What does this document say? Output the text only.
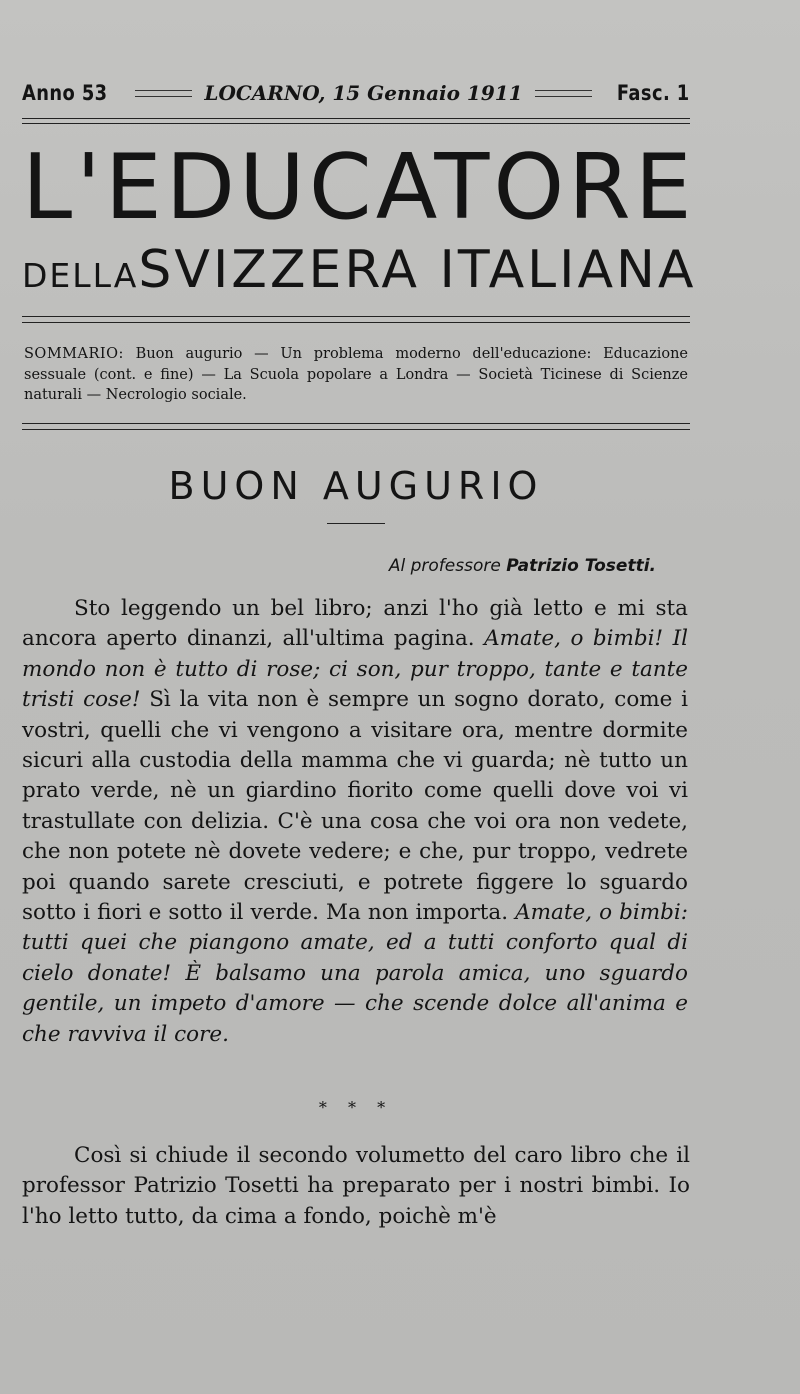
Anno 53	LOCARNO, 15 Gennaio 1911	Fasc. 1
L'EDUCATORE
DELLA SVIZZERA ITALIANA
SOMMARIO: Buon augurio — Un problema moderno dell'educazione: Educazione sessuale (cont. e fine) — La Scuola popolare a Londra — Società Ticinese di Scienze naturali — Necrologio sociale.
BUON AUGURIO
Al professore Patrizio Tosetti.

Sto leggendo un bel libro; anzi l'ho già letto e mi sta ancora aperto dinanzi, all'ultima pagina. Amate, o bimbi! Il mondo non è tutto di rose; ci son, pur troppo, tante e tante tristi cose! Sì la vita non è sempre un sogno dorato, come i vostri, quelli che vi vengono a visitare ora, mentre dormite sicuri alla custodia della mamma che vi guarda; nè tutto un prato verde, nè un giardino fiorito come quelli dove voi vi trastullate con delizia. C'è una cosa che voi ora non vedete, che non potete nè dovete vedere; e che, pur troppo, vedrete poi quando sarete cresciuti, e potrete figgere lo sguardo sotto i fiori e sotto il verde. Ma non importa. Amate, o bimbi: tutti quei che piangono amate, ed a tutti conforto qual di cielo donate! È balsamo una parola amica, uno sguardo gentile, un impeto d'amore — che scende dolce all'anima e che ravviva il core.

* * *

Così si chiude il secondo volumetto del caro libro che il professor Patrizio Tosetti ha preparato per i nostri bimbi. Io l'ho letto tutto, da cima a fondo, poichè m'è
